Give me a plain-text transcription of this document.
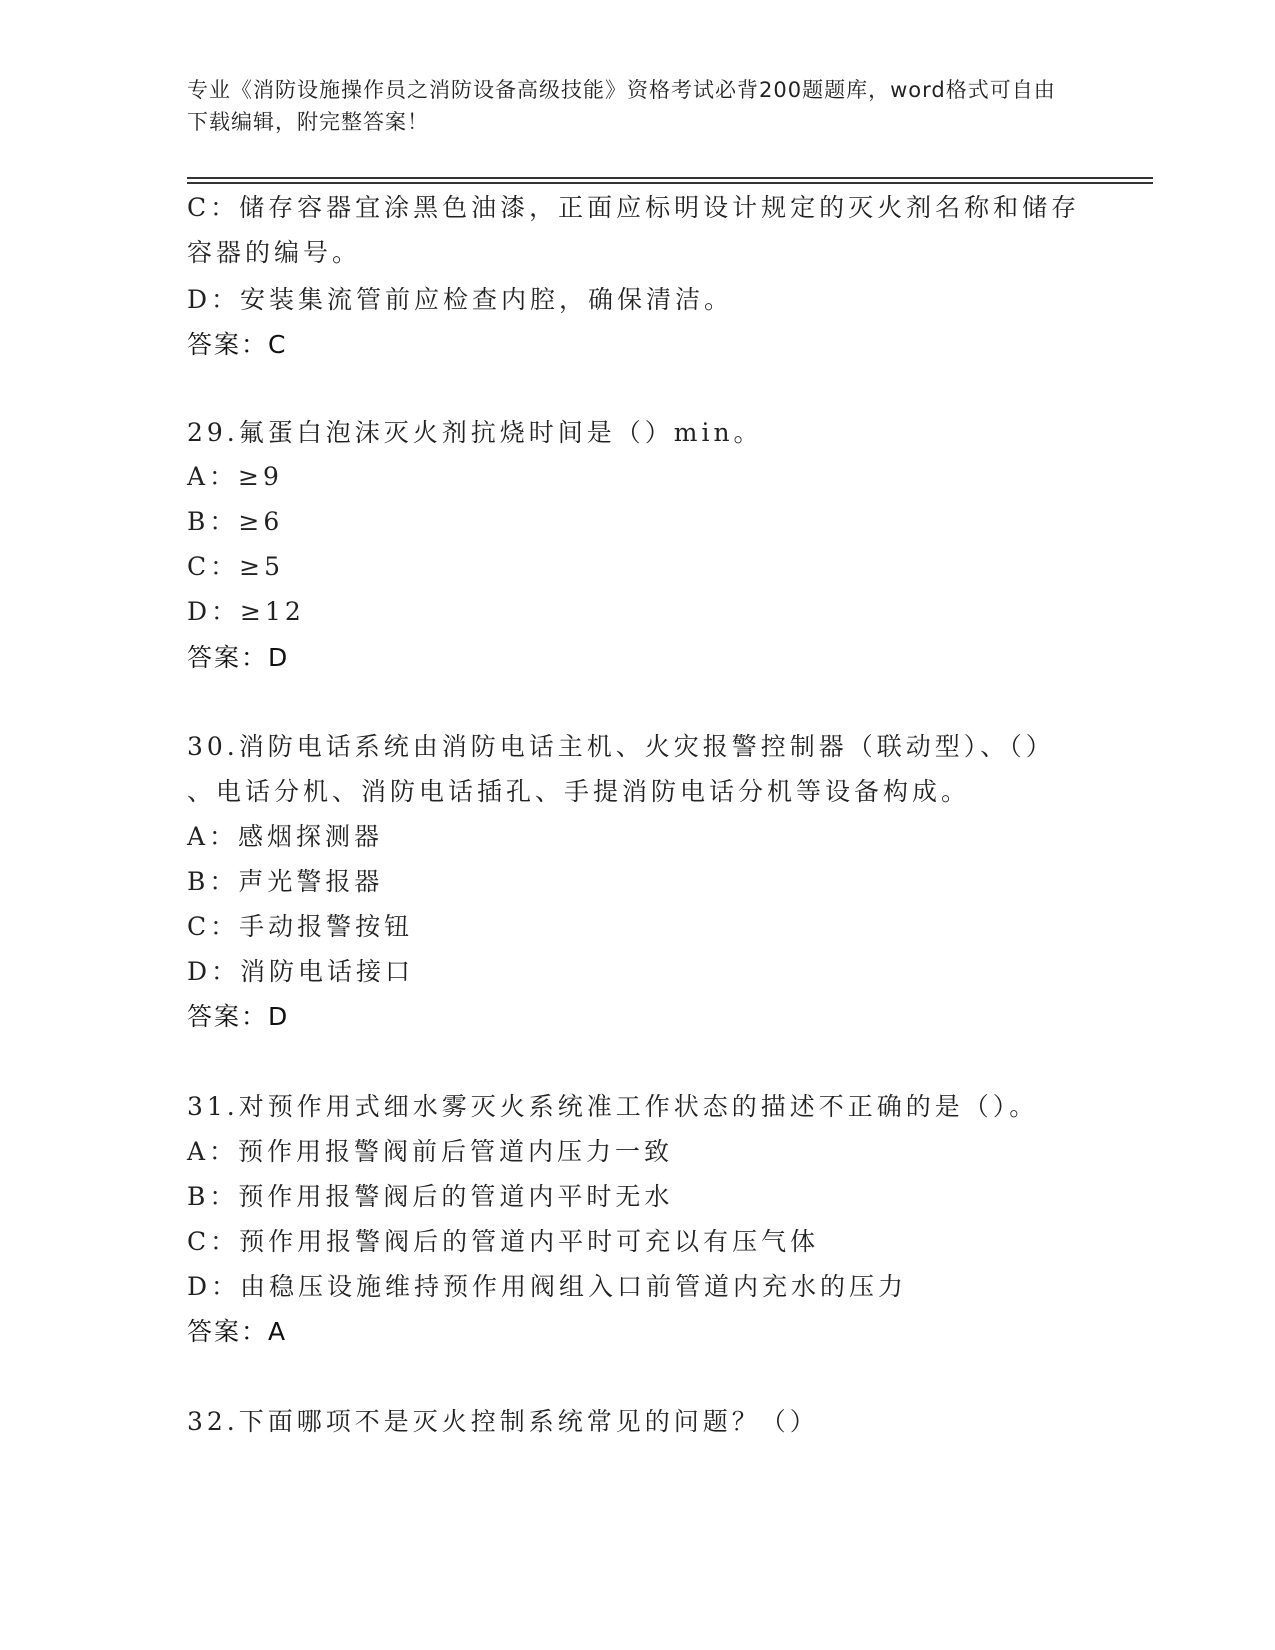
专业《消防设施操作员之消防设备高级技能》资格考试必背200题题库，word格式可自由下载编辑，附完整答案！
C：储存容器宜涂黑色油漆，正面应标明设计规定的灭火剂名称和储存
容器的编号。
D：安装集流管前应检查内腔，确保清洁。
答案：C
29.氟蛋白泡沫灭火剂抗烧时间是（）min。
A：≥9
B：≥6
C：≥5
D：≥12
答案：D
30.消防电话系统由消防电话主机、火灾报警控制器（联动型）、（）
、电话分机、消防电话插孔、手提消防电话分机等设备构成。
A：感烟探测器
B：声光警报器
C：手动报警按钮
D：消防电话接口
答案：D
31.对预作用式细水雾灭火系统准工作状态的描述不正确的是（）。
A：预作用报警阀前后管道内压力一致
B：预作用报警阀后的管道内平时无水
C：预作用报警阀后的管道内平时可充以有压气体
D：由稳压设施维持预作用阀组入口前管道内充水的压力
答案：A
32.下面哪项不是灭火控制系统常见的问题？（）
